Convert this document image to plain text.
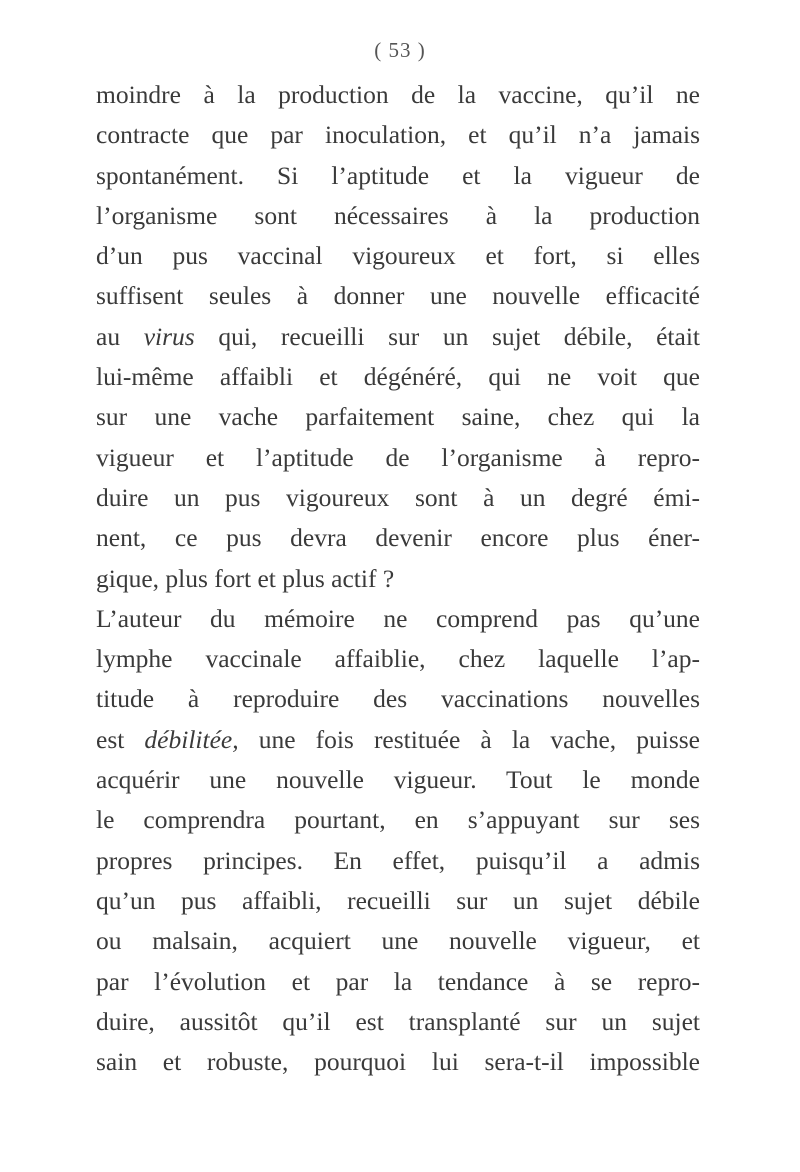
( 53 )
moindre à la production de la vaccine, qu’il ne
contracte que par inoculation, et qu’il n’a jamais
spontanément. Si l’aptitude et la vigueur de
l’organisme sont nécessaires à la production
d’un pus vaccinal vigoureux et fort, si elles
suffisent seules à donner une nouvelle efficacité
au virus qui, recueilli sur un sujet débile, était
lui-même affaibli et dégénéré, qui ne voit que
sur une vache parfaitement saine, chez qui la
vigueur et l’aptitude de l’organisme à repro-
duire un pus vigoureux sont à un degré émi-
nent, ce pus devra devenir encore plus éner-
gique, plus fort et plus actif ?
L’auteur du mémoire ne comprend pas qu’une
lymphe vaccinale affaiblie, chez laquelle l’ap-
titude à reproduire des vaccinations nouvelles
est débilitée, une fois restituée à la vache, puisse
acquérir une nouvelle vigueur. Tout le monde
le comprendra pourtant, en s’appuyant sur ses
propres principes. En effet, puisqu’il a admis
qu’un pus affaibli, recueilli sur un sujet débile
ou malsain, acquiert une nouvelle vigueur, et
par l’évolution et par la tendance à se repro-
duire, aussitôt qu’il est transplanté sur un sujet
sain et robuste, pourquoi lui sera-t-il impossible
